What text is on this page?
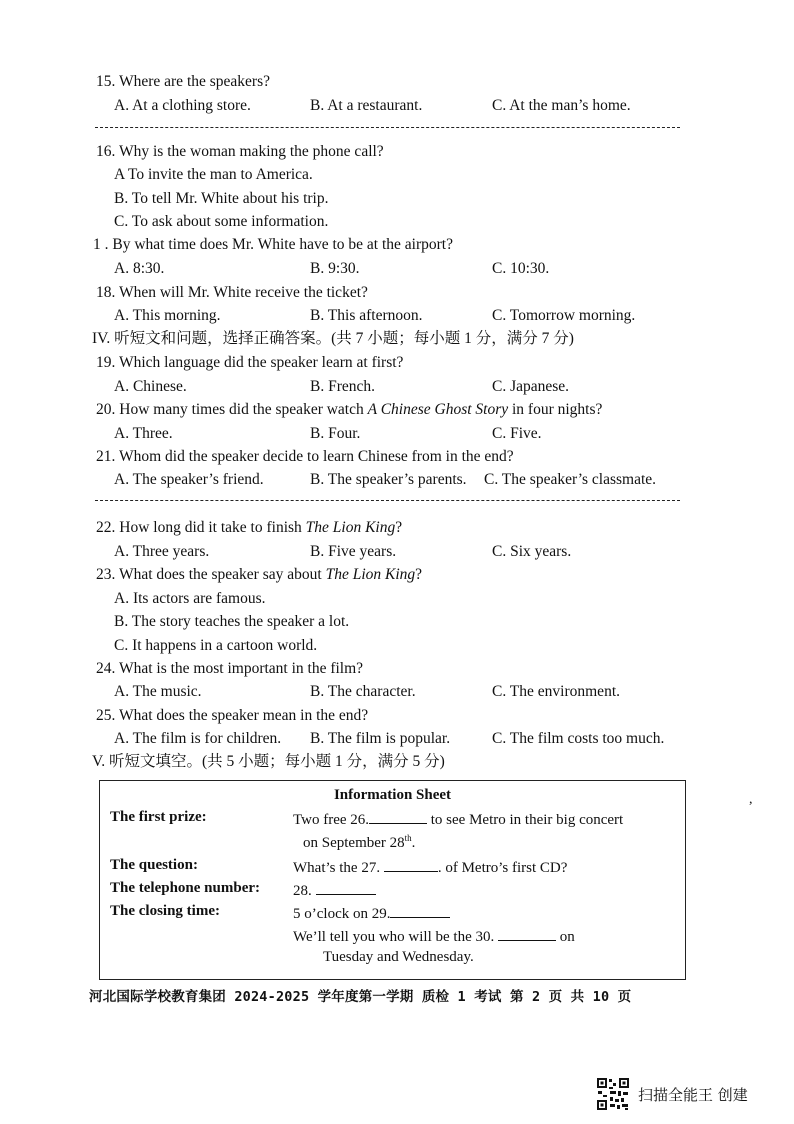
15. Where are the speakers?
A. At a clothing store.	B. At a restaurant.	C. At the man’s home.
16. Why is the woman making the phone call?
A To invite the man to America.
B. To tell Mr. White about his trip.
C. To ask about some information.
1 . By what time does Mr. White have to be at the airport?
A. 8:30.	B. 9:30.	C. 10:30.
18. When will Mr. White receive the ticket?
A. This morning.	B. This afternoon.	C. Tomorrow morning.
IV. 听短文和问题，选择正确答案。(共 7 小题；每小题 1 分，满分 7 分)
19. Which language did the speaker learn at first?
A. Chinese.	B. French.	C. Japanese.
20. How many times did the speaker watch A Chinese Ghost Story in four nights?
A. Three.	B. Four.	C. Five.
21. Whom did the speaker decide to learn Chinese from in the end?
A. The speaker’s friend.	B. The speaker’s parents. C. The speaker’s classmate.
22. How long did it take to finish The Lion King?
A. Three years.	B. Five years.	C. Six years.
23. What does the speaker say about The Lion King?
A. Its actors are famous.
B. The story teaches the speaker a lot.
C. It happens in a cartoon world.
24. What is the most important in the film?
A. The music.	B. The character.	C. The environment.
25. What does the speaker mean in the end?
A. The film is for children. B. The film is popular.	C. The film costs too much.
V. 听短文填空。(共 5 小题；每小题 1 分，满分 5 分)
Information Sheet
The first prize:	Two free 26.	to see Metro in their big concert
on September 28th.
The question:	What’s the 27.	. of Metro’s first CD?
The telephone number: 28.
The closing time:	5 o’clock on 29.
We’ll tell you who will be the 30.	on
Tuesday and Wednesday.
,
河北国际学校教育集团 2024-2025 学年度第一学期 质检 1 考试 第 2 页 共 10 页
扫描全能王 创建
